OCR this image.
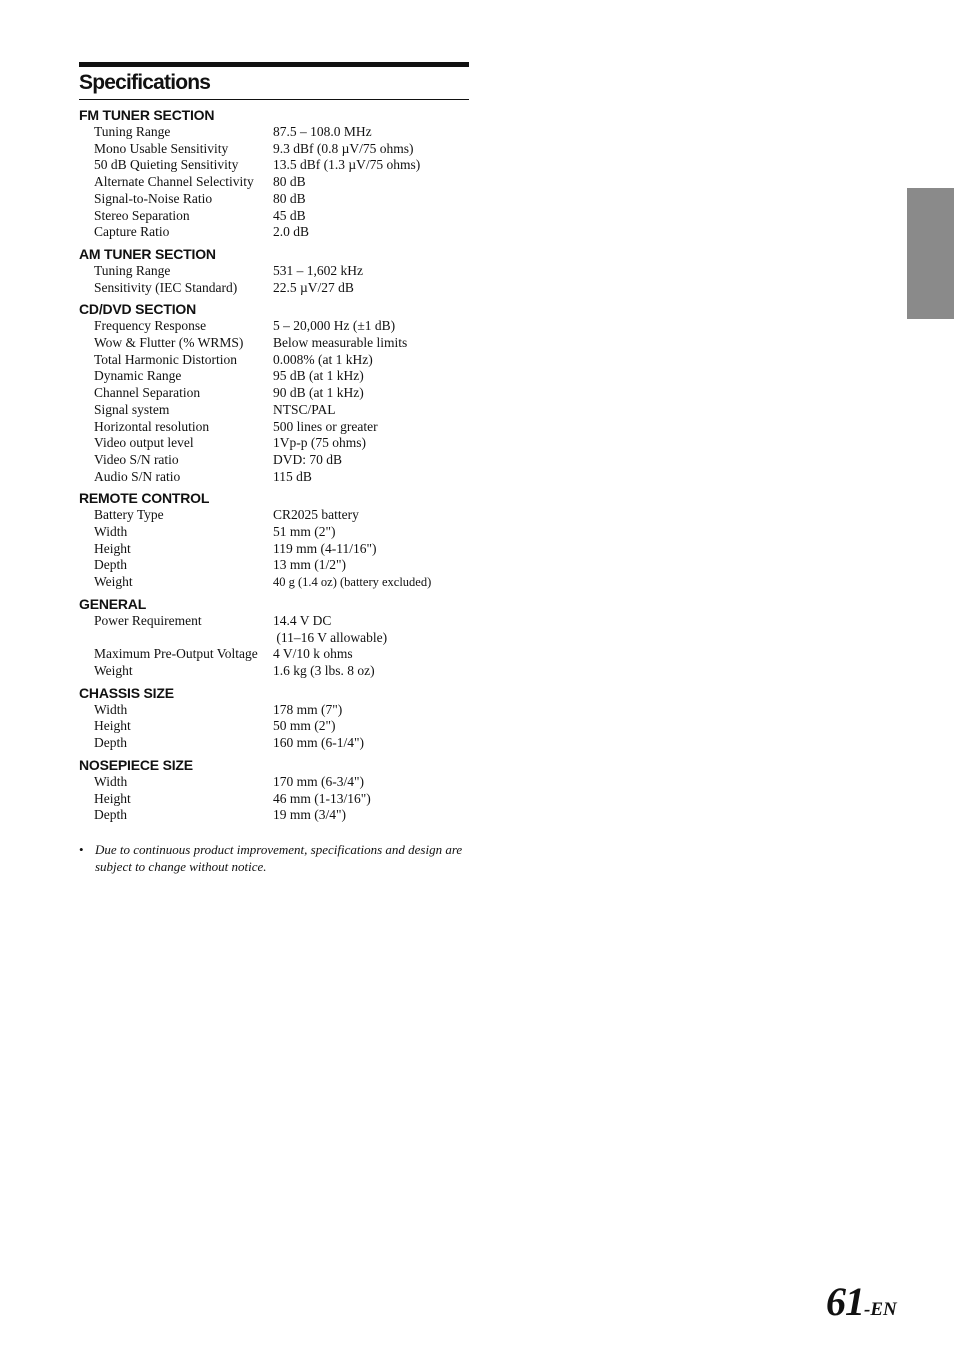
Specifications
FM TUNER SECTION
Tuning Range	87.5 – 108.0 MHz
Mono Usable Sensitivity	9.3 dBf (0.8 µV/75 ohms)
50 dB Quieting Sensitivity	13.5 dBf (1.3 µV/75 ohms)
Alternate Channel Selectivity	80 dB
Signal-to-Noise Ratio	80 dB
Stereo Separation	45 dB
Capture Ratio	2.0 dB
AM TUNER SECTION
Tuning Range	531 – 1,602 kHz
Sensitivity (IEC Standard)	22.5 µV/27 dB
CD/DVD SECTION
Frequency Response	5 – 20,000 Hz (±1 dB)
Wow & Flutter (% WRMS)	Below measurable limits
Total Harmonic Distortion	0.008% (at 1 kHz)
Dynamic Range	95 dB (at 1 kHz)
Channel Separation	90 dB (at 1 kHz)
Signal system	NTSC/PAL
Horizontal resolution	500 lines or greater
Video output level	1Vp-p (75 ohms)
Video S/N ratio	DVD: 70 dB
Audio S/N ratio	115 dB
REMOTE CONTROL
Battery Type	CR2025 battery
Width	51 mm (2")
Height	119 mm (4-11/16")
Depth	13 mm (1/2")
Weight	40 g (1.4 oz) (battery excluded)
GENERAL
Power Requirement	14.4 V DC
(11–16 V allowable)
Maximum Pre-Output Voltage	4 V/10 k ohms
Weight	1.6 kg (3 lbs. 8 oz)
CHASSIS SIZE
Width	178 mm (7")
Height	50 mm (2")
Depth	160 mm (6-1/4")
NOSEPIECE SIZE
Width	170 mm (6-3/4")
Height	46 mm (1-13/16")
Depth	19 mm (3/4")
• Due to continuous product improvement, specifications and design are subject to change without notice.
61-EN
